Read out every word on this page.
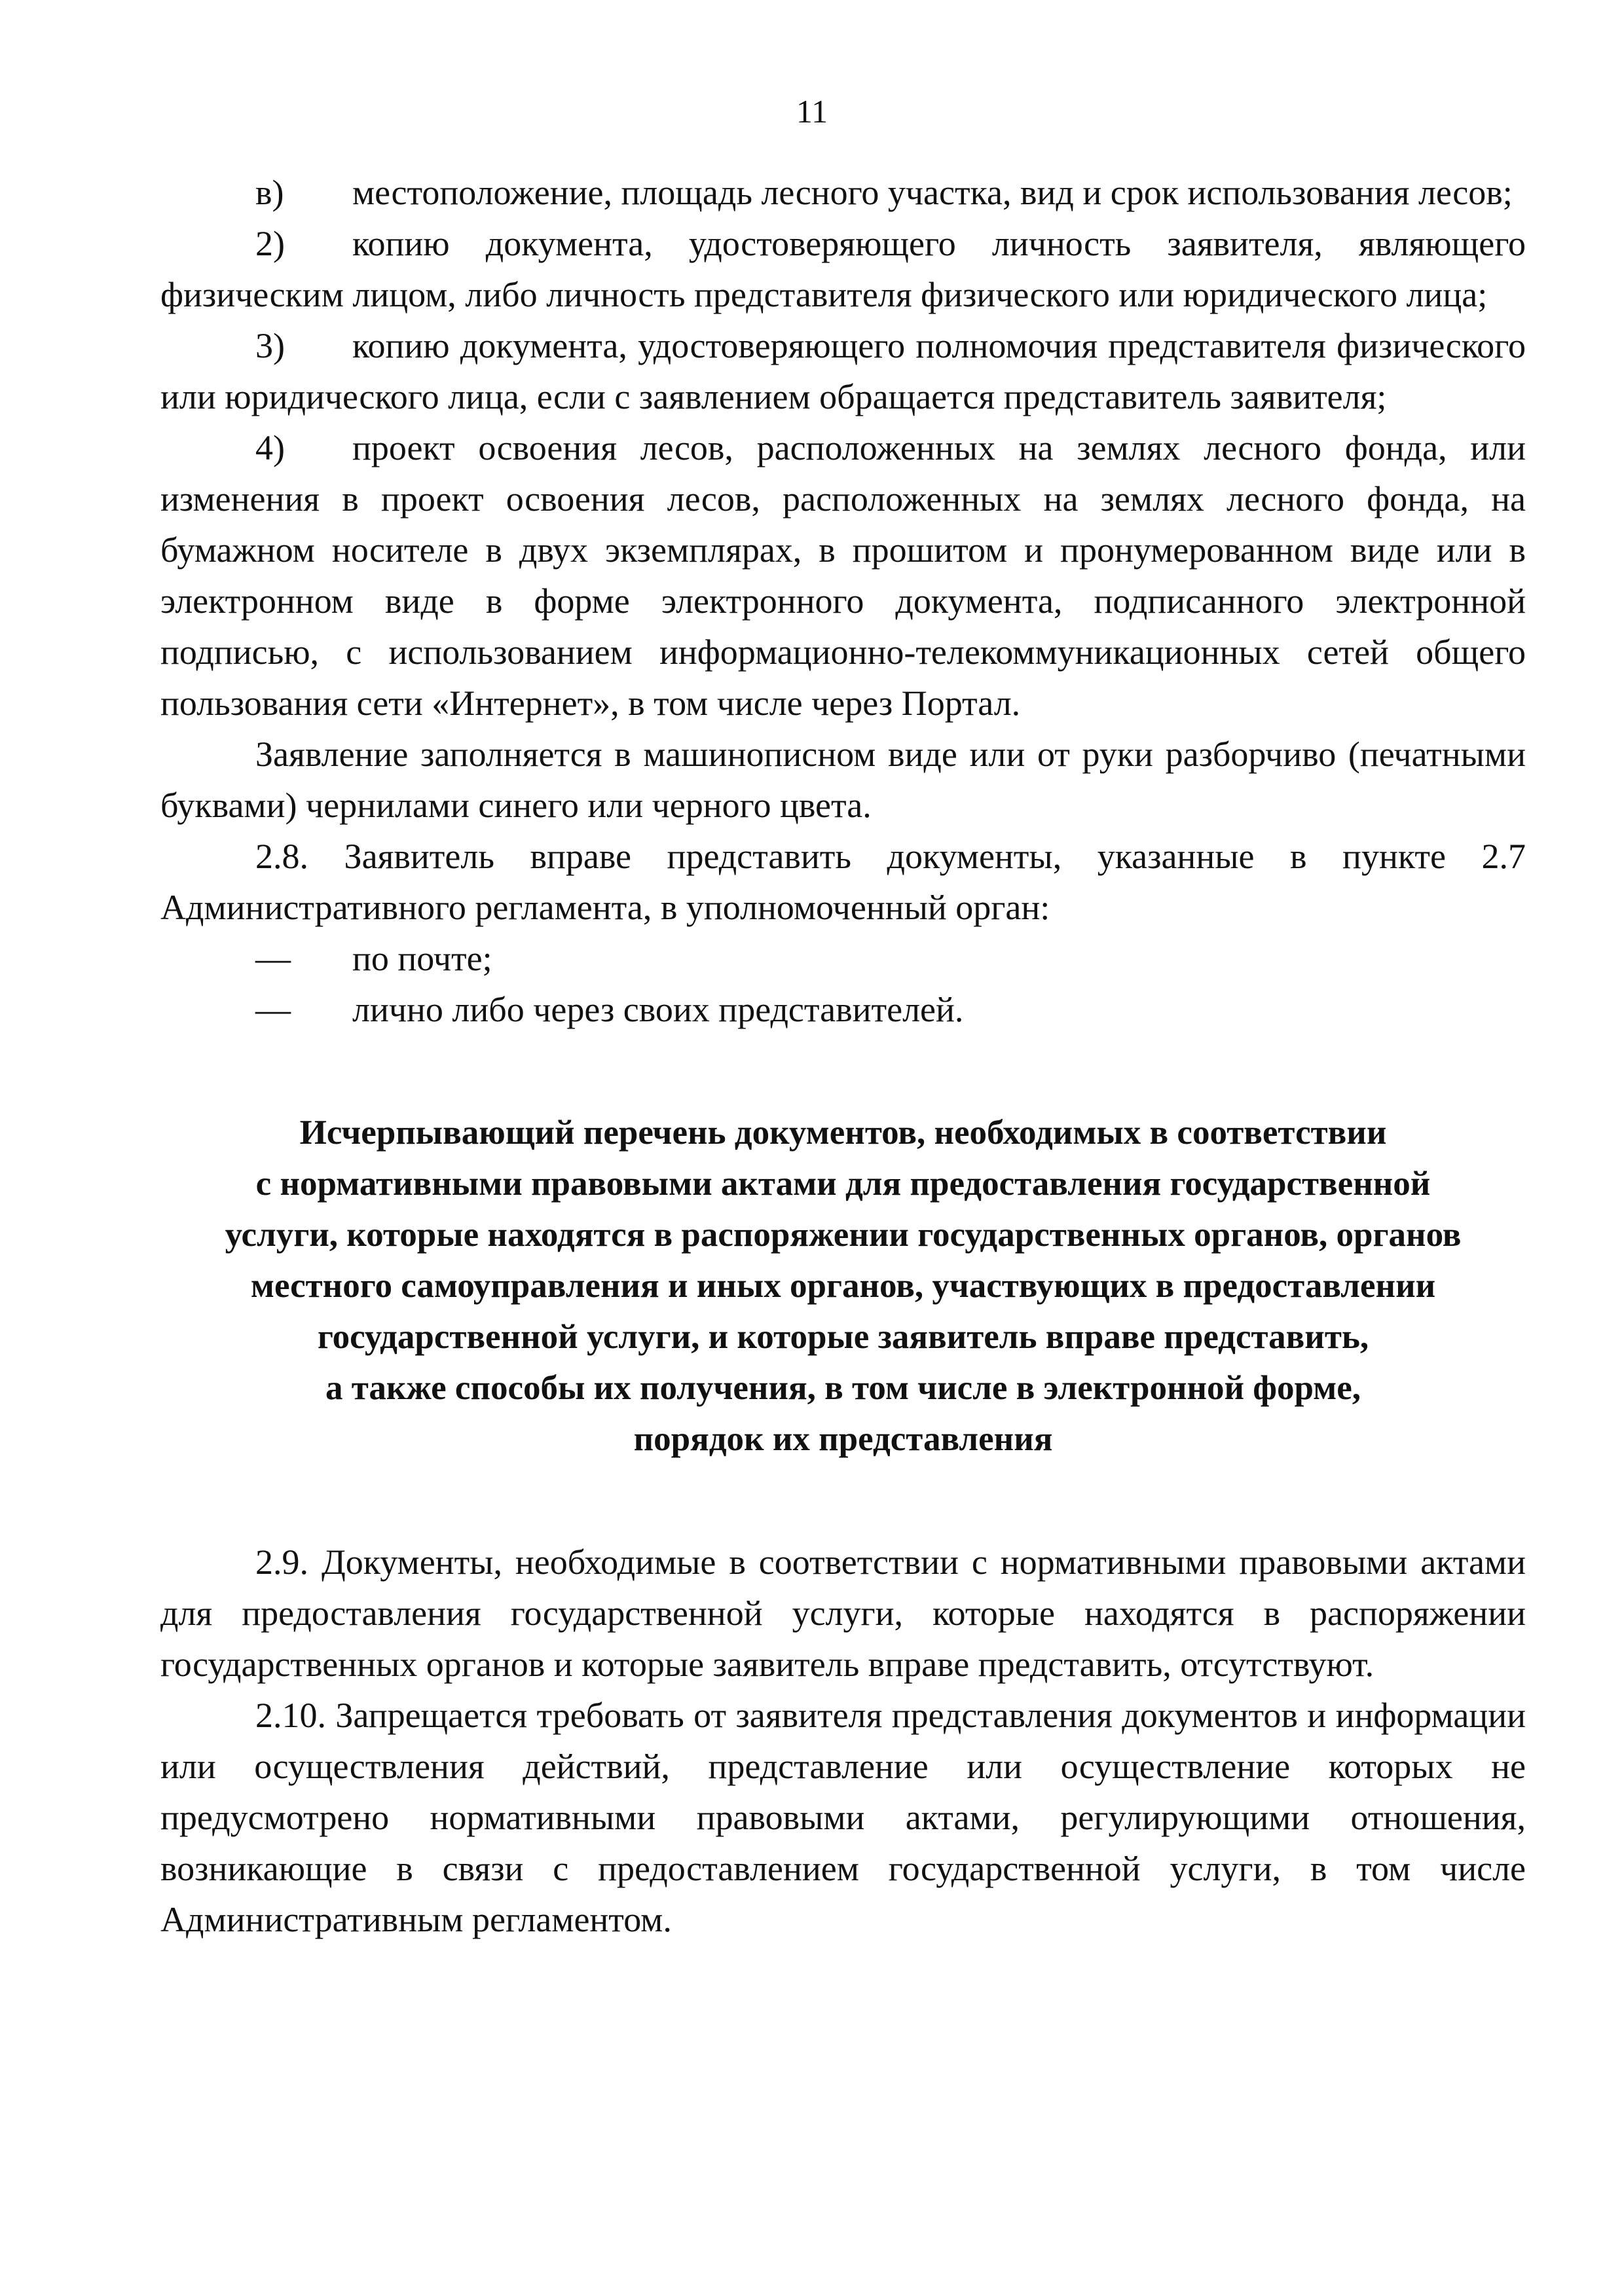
11

в) местоположение, площадь лесного участка, вид и срок использования лесов;

2) копию документа, удостоверяющего личность заявителя, являющего физическим лицом, либо личность представителя физического или юридического лица;

3) копию документа, удостоверяющего полномочия представителя физического или юридического лица, если с заявлением обращается представитель заявителя;

4) проект освоения лесов, расположенных на землях лесного фонда, или изменения в проект освоения лесов, расположенных на землях лесного фонда, на бумажном носителе в двух экземплярах, в прошитом и пронумерованном виде или в электронном виде в форме электронного документа, подписанного электронной подписью, с использованием информационно-телекоммуникационных сетей общего пользования сети «Интернет», в том числе через Портал.

Заявление заполняется в машинописном виде или от руки разборчиво (печатными буквами) чернилами синего или черного цвета.

2.8. Заявитель вправе представить документы, указанные в пункте 2.7 Административного регламента, в уполномоченный орган:

— по почте;

— лично либо через своих представителей.

Исчерпывающий перечень документов, необходимых в соответствии
с нормативными правовыми актами для предоставления государственной
услуги, которые находятся в распоряжении государственных органов, органов
местного самоуправления и иных органов, участвующих в предоставлении
государственной услуги, и которые заявитель вправе представить,
а также способы их получения, в том числе в электронной форме,
порядок их представления

2.9. Документы, необходимые в соответствии с нормативными правовыми актами для предоставления государственной услуги, которые находятся в распоряжении государственных органов и которые заявитель вправе представить, отсутствуют.

2.10. Запрещается требовать от заявителя представления документов и информации или осуществления действий, представление или осуществление которых не предусмотрено нормативными правовыми актами, регулирующими отношения, возникающие в связи с предоставлением государственной услуги, в том числе Административным регламентом.
